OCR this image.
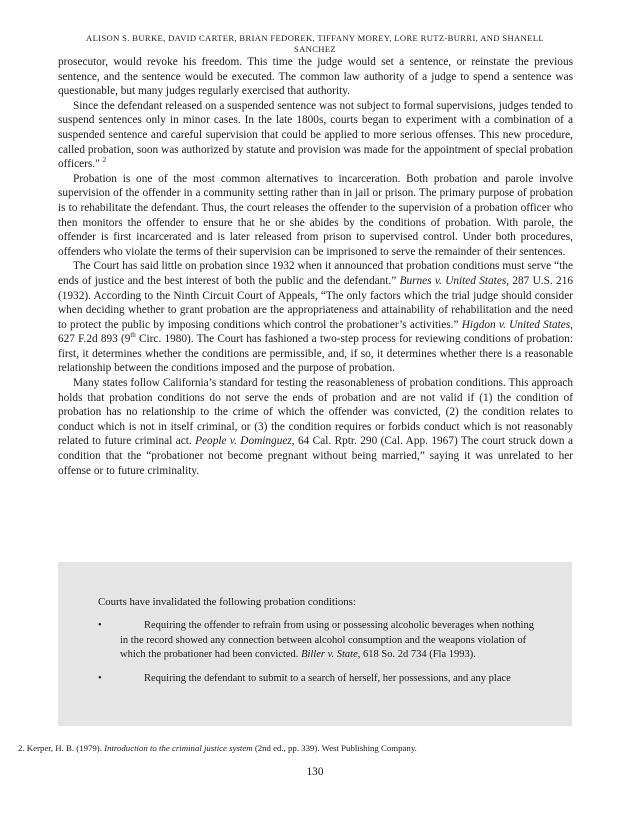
ALISON S. BURKE, DAVID CARTER, BRIAN FEDOREK, TIFFANY MOREY, LORE RUTZ-BURRI, AND SHANELL
SANCHEZ

prosecutor, would revoke his freedom. This time the judge would set a sentence, or reinstate the previous sentence, and the sentence would be executed. The common law authority of a judge to spend a sentence was questionable, but many judges regularly exercised that authority.

Since the defendant released on a suspended sentence was not subject to formal supervisions, judges tended to suspend sentences only in minor cases. In the late 1800s, courts began to experiment with a combination of a suspended sentence and careful supervision that could be applied to more serious offenses. This new procedure, called probation, soon was authorized by statute and provision was made for the appointment of special probation officers." $^2$

Probation is one of the most common alternatives to incarceration. Both probation and parole involve supervision of the offender in a community setting rather than in jail or prison. The primary purpose of probation is to rehabilitate the defendant. Thus, the court releases the offender to the supervision of a probation officer who then monitors the offender to ensure that he or she abides by the conditions of probation. With parole, the offender is first incarcerated and is later released from prison to supervised control. Under both procedures, offenders who violate the terms of their supervision can be imprisoned to serve the remainder of their sentences.

The Court has said little on probation since 1932 when it announced that probation conditions must serve “the ends of justice and the best interest of both the public and the defendant.” Burnes v. United States, 287 U.S. 216 (1932). According to the Ninth Circuit Court of Appeals, “The only factors which the trial judge should consider when deciding whether to grant probation are the appropriateness and attainability of rehabilitation and the need to protect the public by imposing conditions which control the probationer’s activities.” Higdon v. United States, 627 F.2d 893 (9th Circ. 1980). The Court has fashioned a two-step process for reviewing conditions of probation: first, it determines whether the conditions are permissible, and, if so, it determines whether there is a reasonable relationship between the conditions imposed and the purpose of probation.

Many states follow California’s standard for testing the reasonableness of probation conditions. This approach holds that probation conditions do not serve the ends of probation and are not valid if (1) the condition of probation has no relationship to the crime of which the offender was convicted, (2) the condition relates to conduct which is not in itself criminal, or (3) the condition requires or forbids conduct which is not reasonably related to future criminal act. People v. Dominguez, 64 Cal. Rptr. 290 (Cal. App. 1967) The court struck down a condition that the “probationer not become pregnant without being married,” saying it was unrelated to her offense or to future criminality.

Courts have invalidated the following probation conditions:
•	Requiring the offender to refrain from using or possessing alcoholic beverages when nothing in the record showed any connection between alcohol consumption and the weapons violation of which the probationer had been convicted. Biller v. State, 618 So. 2d 734 (Fla 1993).
•	Requiring the defendant to submit to a search of herself, her possessions, and any place
2. Kerper, H. B. (1979). Introduction to the criminal justice system (2nd ed., pp. 339). West Publishing Company.
130
